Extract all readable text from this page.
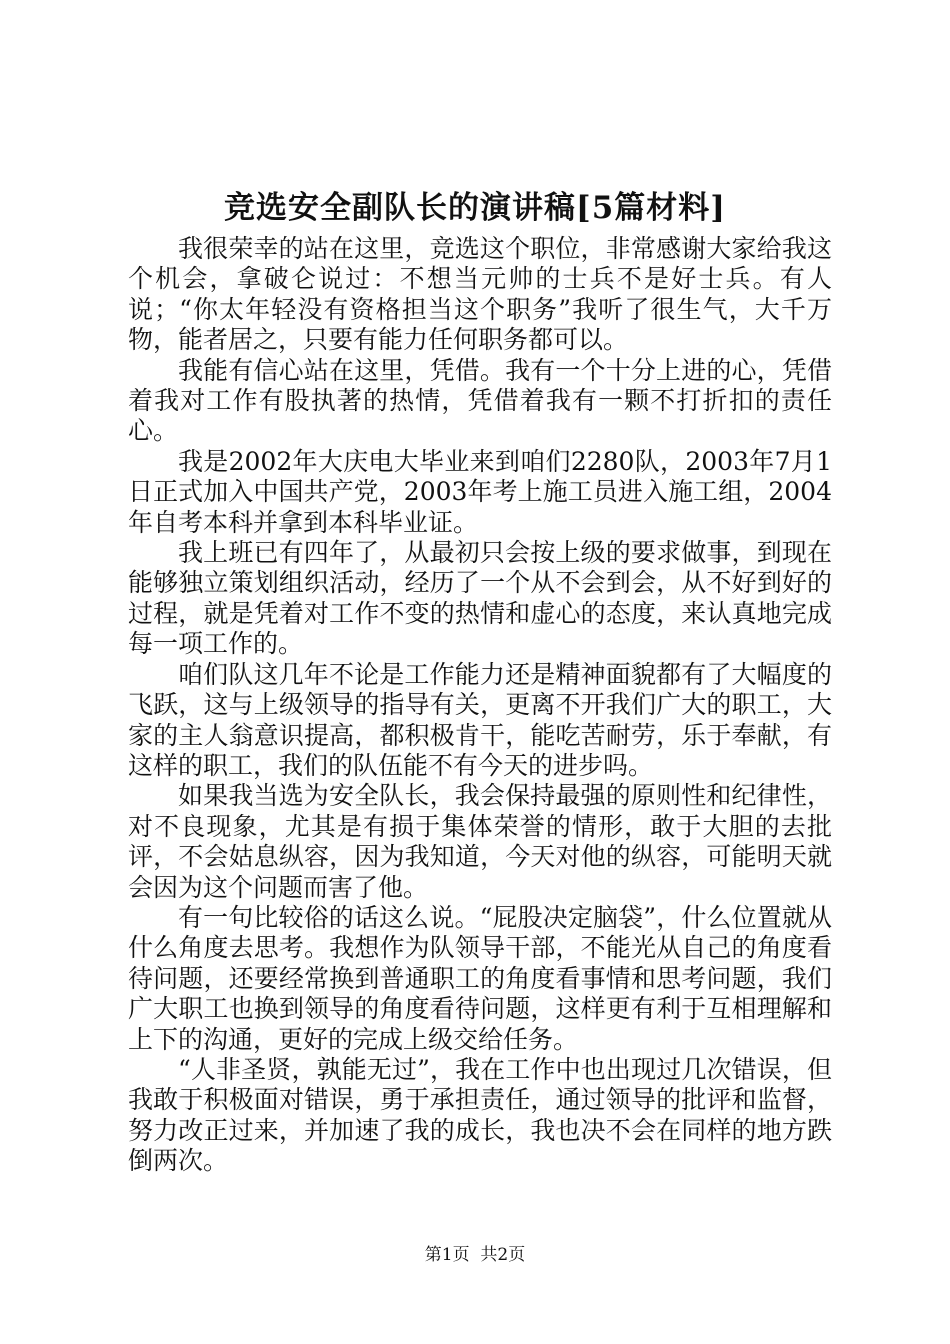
竞选安全副队长的演讲稿[5篇材料]

我很荣幸的站在这里，竞选这个职位，非常感谢大家给我这个机会，拿破仑说过：不想当元帅的士兵不是好士兵。有人说；“你太年轻没有资格担当这个职务”我听了很生气，大千万物，能者居之，只要有能力任何职务都可以。

我能有信心站在这里，凭借。我有一个十分上进的心，凭借着我对工作有股执著的热情，凭借着我有一颗不打折扣的责任心。

我是2002年大庆电大毕业来到咱们2280队，2003年7月1日正式加入中国共产党，2003年考上施工员进入施工组，2004年自考本科并拿到本科毕业证。

我上班已有四年了，从最初只会按上级的要求做事，到现在能够独立策划组织活动，经历了一个从不会到会，从不好到好的过程，就是凭着对工作不变的热情和虚心的态度，来认真地完成每一项工作的。

咱们队这几年不论是工作能力还是精神面貌都有了大幅度的飞跃，这与上级领导的指导有关，更离不开我们广大的职工，大家的主人翁意识提高，都积极肯干，能吃苦耐劳，乐于奉献，有这样的职工，我们的队伍能不有今天的进步吗。

如果我当选为安全队长，我会保持最强的原则性和纪律性，对不良现象，尤其是有损于集体荣誉的情形，敢于大胆的去批评，不会姑息纵容，因为我知道，今天对他的纵容，可能明天就会因为这个问题而害了他。

有一句比较俗的话这么说。“屁股决定脑袋”，什么位置就从什么角度去思考。我想作为队领导干部，不能光从自己的角度看待问题，还要经常换到普通职工的角度看事情和思考问题，我们广大职工也换到领导的角度看待问题，这样更有利于互相理解和上下的沟通，更好的完成上级交给任务。

“人非圣贤，孰能无过”，我在工作中也出现过几次错误，但我敢于积极面对错误，勇于承担责任，通过领导的批评和监督，努力改正过来，并加速了我的成长，我也决不会在同样的地方跌倒两次。

第1页  共2页
